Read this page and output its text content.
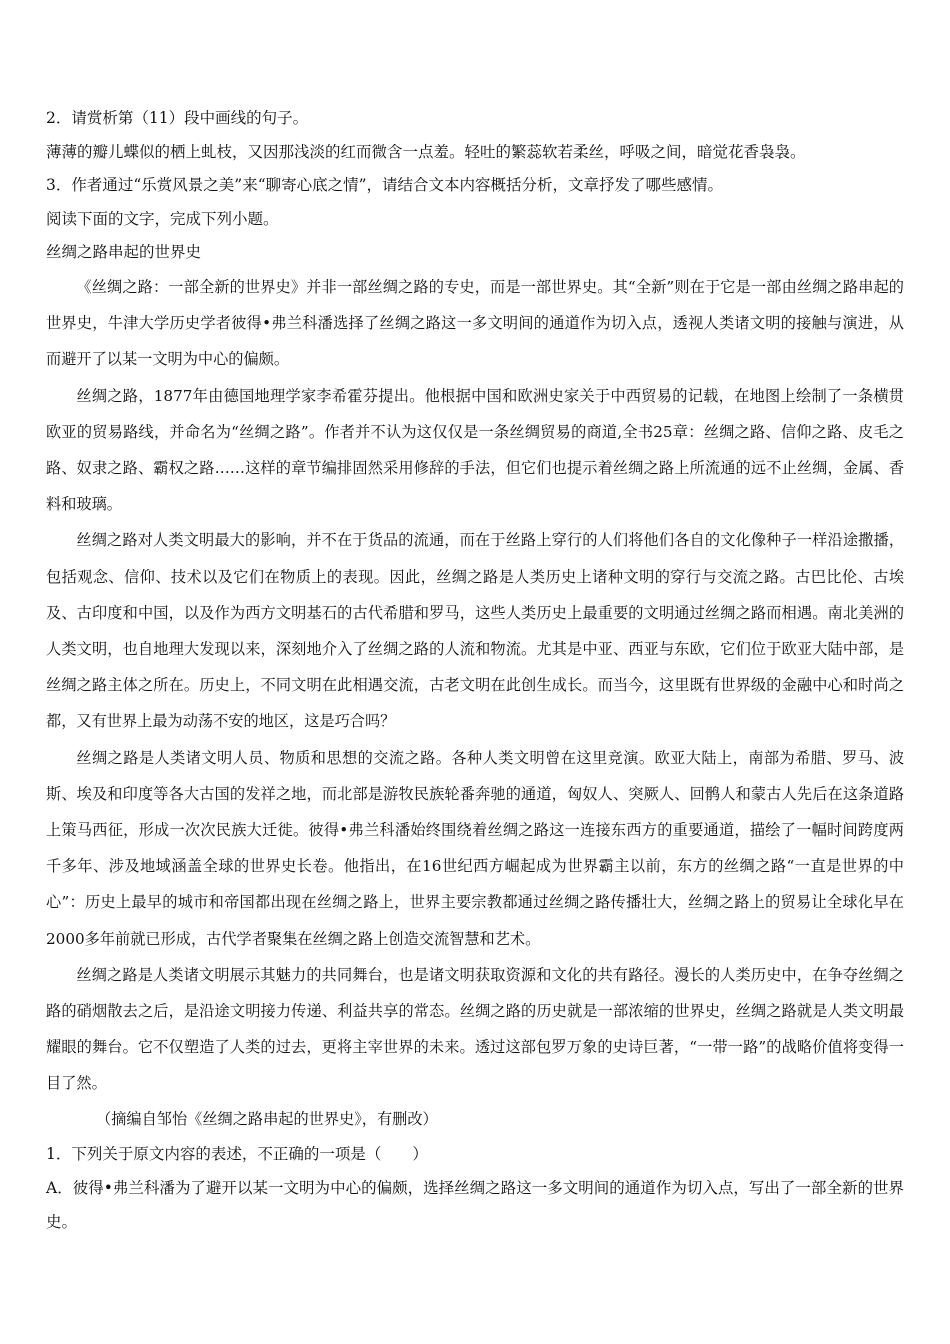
2．请赏析第（11）段中画线的句子。
薄薄的瓣儿蝶似的栖上虬枝，又因那浅淡的红而微含一点羞。轻吐的繁蕊软若柔丝，呼吸之间，暗觉花香袅袅。
3．作者通过“乐赏风景之美”来“聊寄心底之情”，请结合文本内容概括分析，文章抒发了哪些感情。
阅读下面的文字，完成下列小题。
丝绸之路串起的世界史

《丝绸之路：一部全新的世界史》并非一部丝绸之路的专史，而是一部世界史。其“全新”则在于它是一部由丝绸之路串起的世界史，牛津大学历史学者彼得•弗兰科潘选择了丝绸之路这一多文明间的通道作为切入点，透视人类诸文明的接触与演进，从而避开了以某一文明为中心的偏颇。

丝绸之路，1877年由德国地理学家李希霍芬提出。他根据中国和欧洲史家关于中西贸易的记载，在地图上绘制了一条横贯欧亚的贸易路线，并命名为“丝绸之路”。作者并不认为这仅仅是一条丝绸贸易的商道,全书25章：丝绸之路、信仰之路、皮毛之路、奴隶之路、霸权之路……这样的章节编排固然采用修辞的手法，但它们也提示着丝绸之路上所流通的远不止丝绸，金属、香料和玻璃。

丝绸之路对人类文明最大的影响，并不在于货品的流通，而在于丝路上穿行的人们将他们各自的文化像种子一样沿途撒播，包括观念、信仰、技术以及它们在物质上的表现。因此，丝绸之路是人类历史上诸种文明的穿行与交流之路。古巴比伦、古埃及、古印度和中国，以及作为西方文明基石的古代希腊和罗马，这些人类历史上最重要的文明通过丝绸之路而相遇。南北美洲的人类文明，也自地理大发现以来，深刻地介入了丝绸之路的人流和物流。尤其是中亚、西亚与东欧，它们位于欧亚大陆中部，是丝绸之路主体之所在。历史上，不同文明在此相遇交流，古老文明在此创生成长。而当今，这里既有世界级的金融中心和时尚之都，又有世界上最为动荡不安的地区，这是巧合吗？

丝绸之路是人类诸文明人员、物质和思想的交流之路。各种人类文明曾在这里竞演。欧亚大陆上，南部为希腊、罗马、波斯、埃及和印度等各大古国的发祥之地，而北部是游牧民族轮番奔驰的通道，匈奴人、突厥人、回鹘人和蒙古人先后在这条道路上策马西征，形成一次次民族大迁徙。彼得•弗兰科潘始终围绕着丝绸之路这一连接东西方的重要通道，描绘了一幅时间跨度两千多年、涉及地域涵盖全球的世界史长卷。他指出，在16世纪西方崛起成为世界霸主以前，东方的丝绸之路“一直是世界的中心”：历史上最早的城市和帝国都出现在丝绸之路上，世界主要宗教都通过丝绸之路传播壮大，丝绸之路上的贸易让全球化早在2000多年前就已形成，古代学者聚集在丝绸之路上创造交流智慧和艺术。

丝绸之路是人类诸文明展示其魅力的共同舞台，也是诸文明获取资源和文化的共有路径。漫长的人类历史中，在争夺丝绸之路的硝烟散去之后，是沿途文明接力传递、利益共享的常态。丝绸之路的历史就是一部浓缩的世界史，丝绸之路就是人类文明最耀眼的舞台。它不仅塑造了人类的过去，更将主宰世界的未来。透过这部包罗万象的史诗巨著，“一带一路”的战略价值将变得一目了然。

（摘编自邹怡《丝绸之路串起的世界史》，有删改）
1．下列关于原文内容的表述，不正确的一项是（　　）
A．彼得•弗兰科潘为了避开以某一文明为中心的偏颇，选择丝绸之路这一多文明间的通道作为切入点，写出了一部全新的世界史。
